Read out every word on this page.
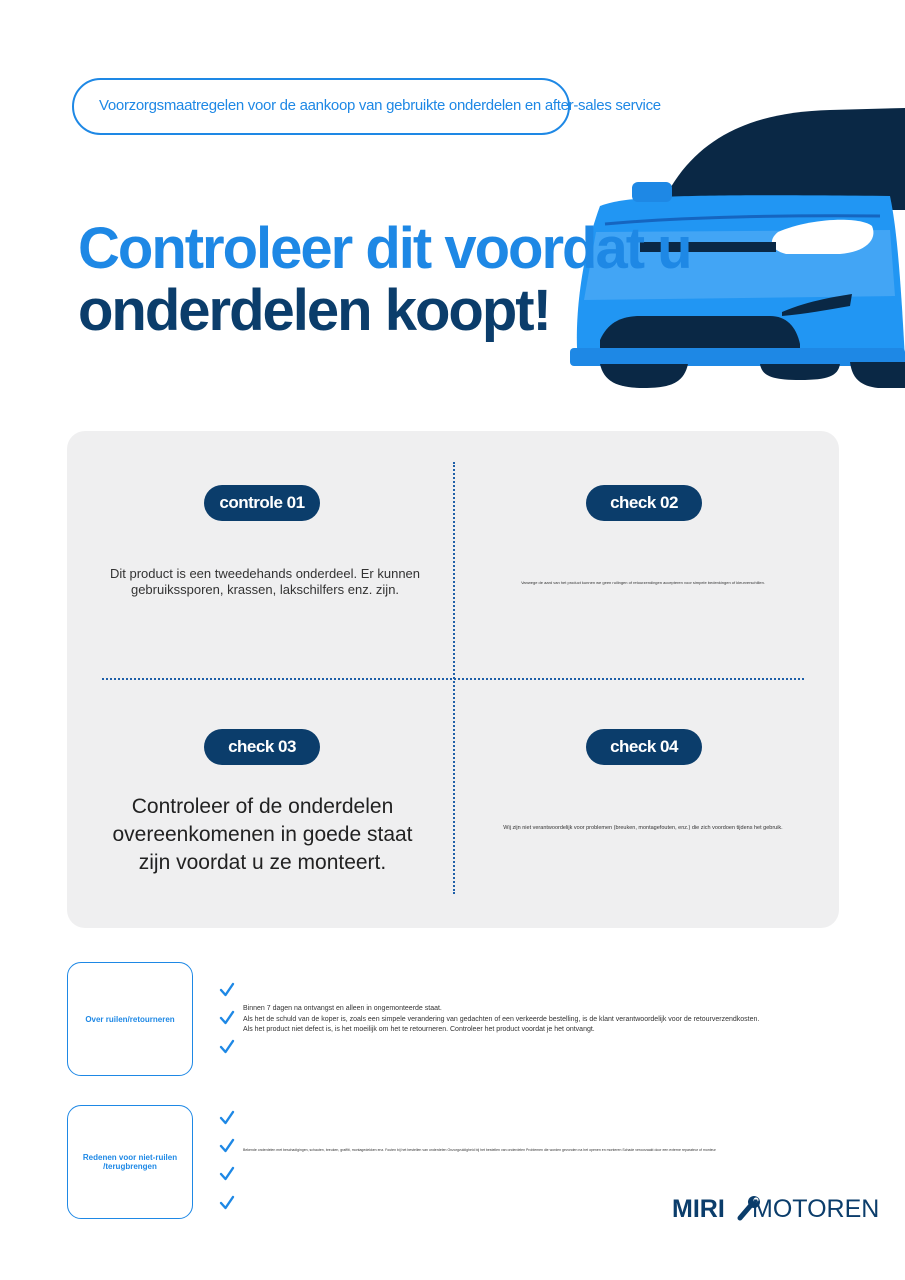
Voorzorgsmaatregelen voor de aankoop van gebruikte onderdelen en after-sales service
Controleer dit voordat u
onderdelen koopt!
controle 01	check 02
check 03	check 04
Dit product is een tweedehands onderdeel. Er kunnen gebruikssporen, krassen, lakschilfers enz. zijn.	Vanwege de aard van het product kunnen we geen ruilingen of retourzendingen accepteren voor simpele bedenkingen of kleurverschillen.
Controleer of de onderdelen overeenkomenen in goede staat zijn voordat u ze monteert.
Wij zijn niet verantwoordelijk voor problemen (breuken, montagefouten, enz.) die zich voordoen tijdens het gebruik.
Over ruilen/retourneren
Binnen 7 dagen na ontvangst en alleen in ongemonteerde staat.
Als het de schuld van de koper is, zoals een simpele verandering van gedachten of een verkeerde bestelling, is de klant verantwoordelijk voor de retourverzendkosten.
Als het product niet defect is, is het moeilijk om het te retourneren. Controleer het product voordat je het ontvangt.
Redenen voor niet-ruilen /terugbrengen
Bekende onderdelen met beschadigingen, schauten, breuken, graffiti, montagedekken enz. Fouten bij het bestellen van onderdelen Onzorgvuldigheid bij het bestellen van onderdelen Problemen die worden gevonden na het openen en monteren Schade veroorzaakt door een externe reparateur of monteur
MIRI MOTOREN
